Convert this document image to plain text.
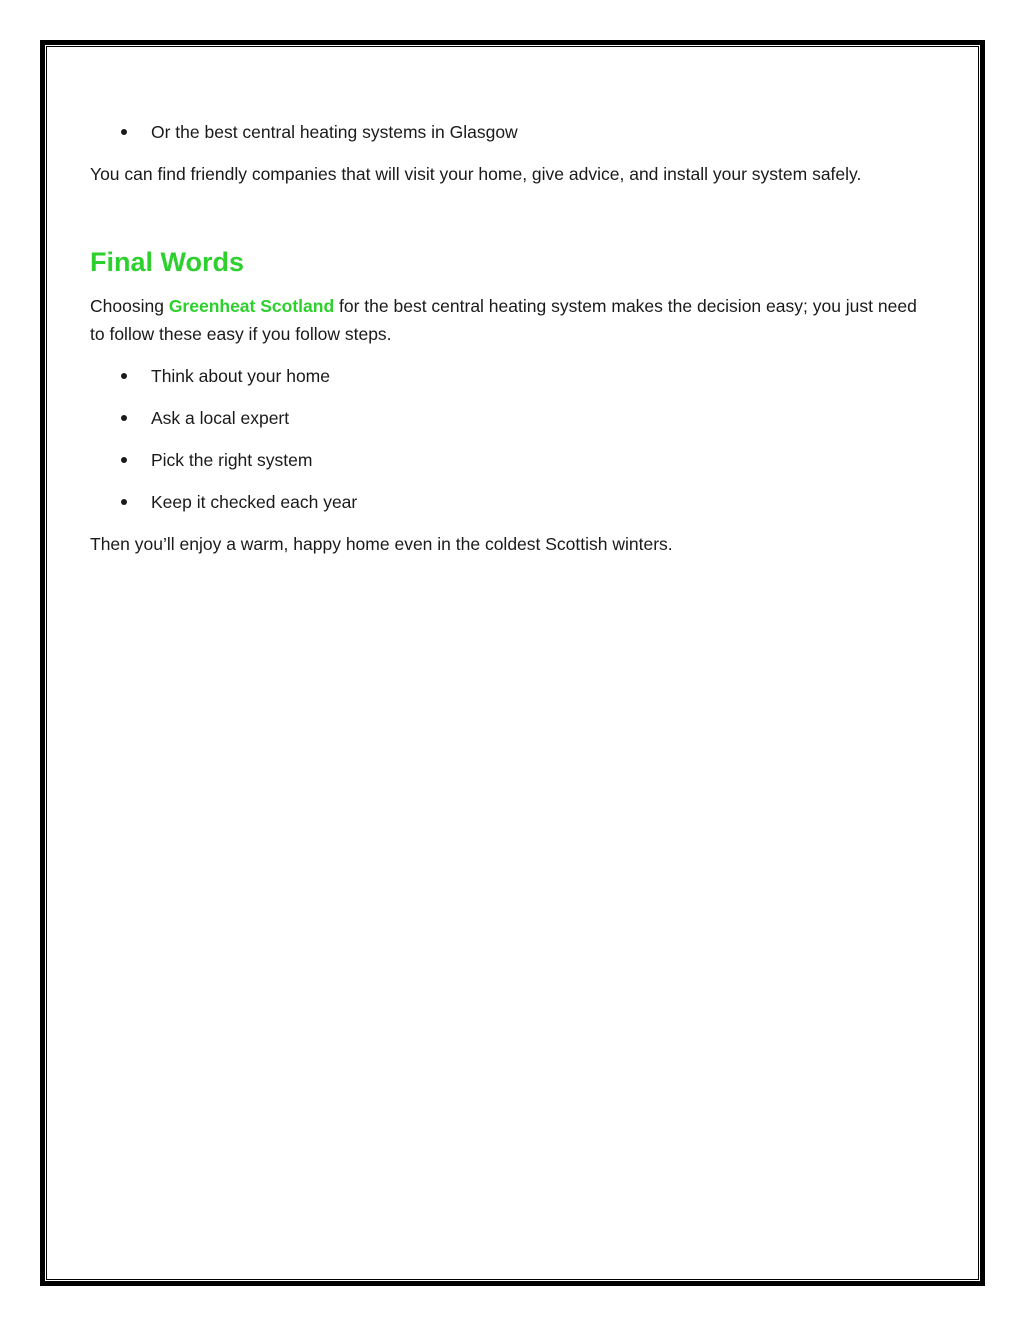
Or the best central heating systems in Glasgow

You can find friendly companies that will visit your home, give advice, and install your system safely.

Final Words

Choosing Greenheat Scotland for the best central heating system makes the decision easy; you just need to follow these easy if you follow steps.

Think about your home
Ask a local expert
Pick the right system
Keep it checked each year

Then you’ll enjoy a warm, happy home even in the coldest Scottish winters.
